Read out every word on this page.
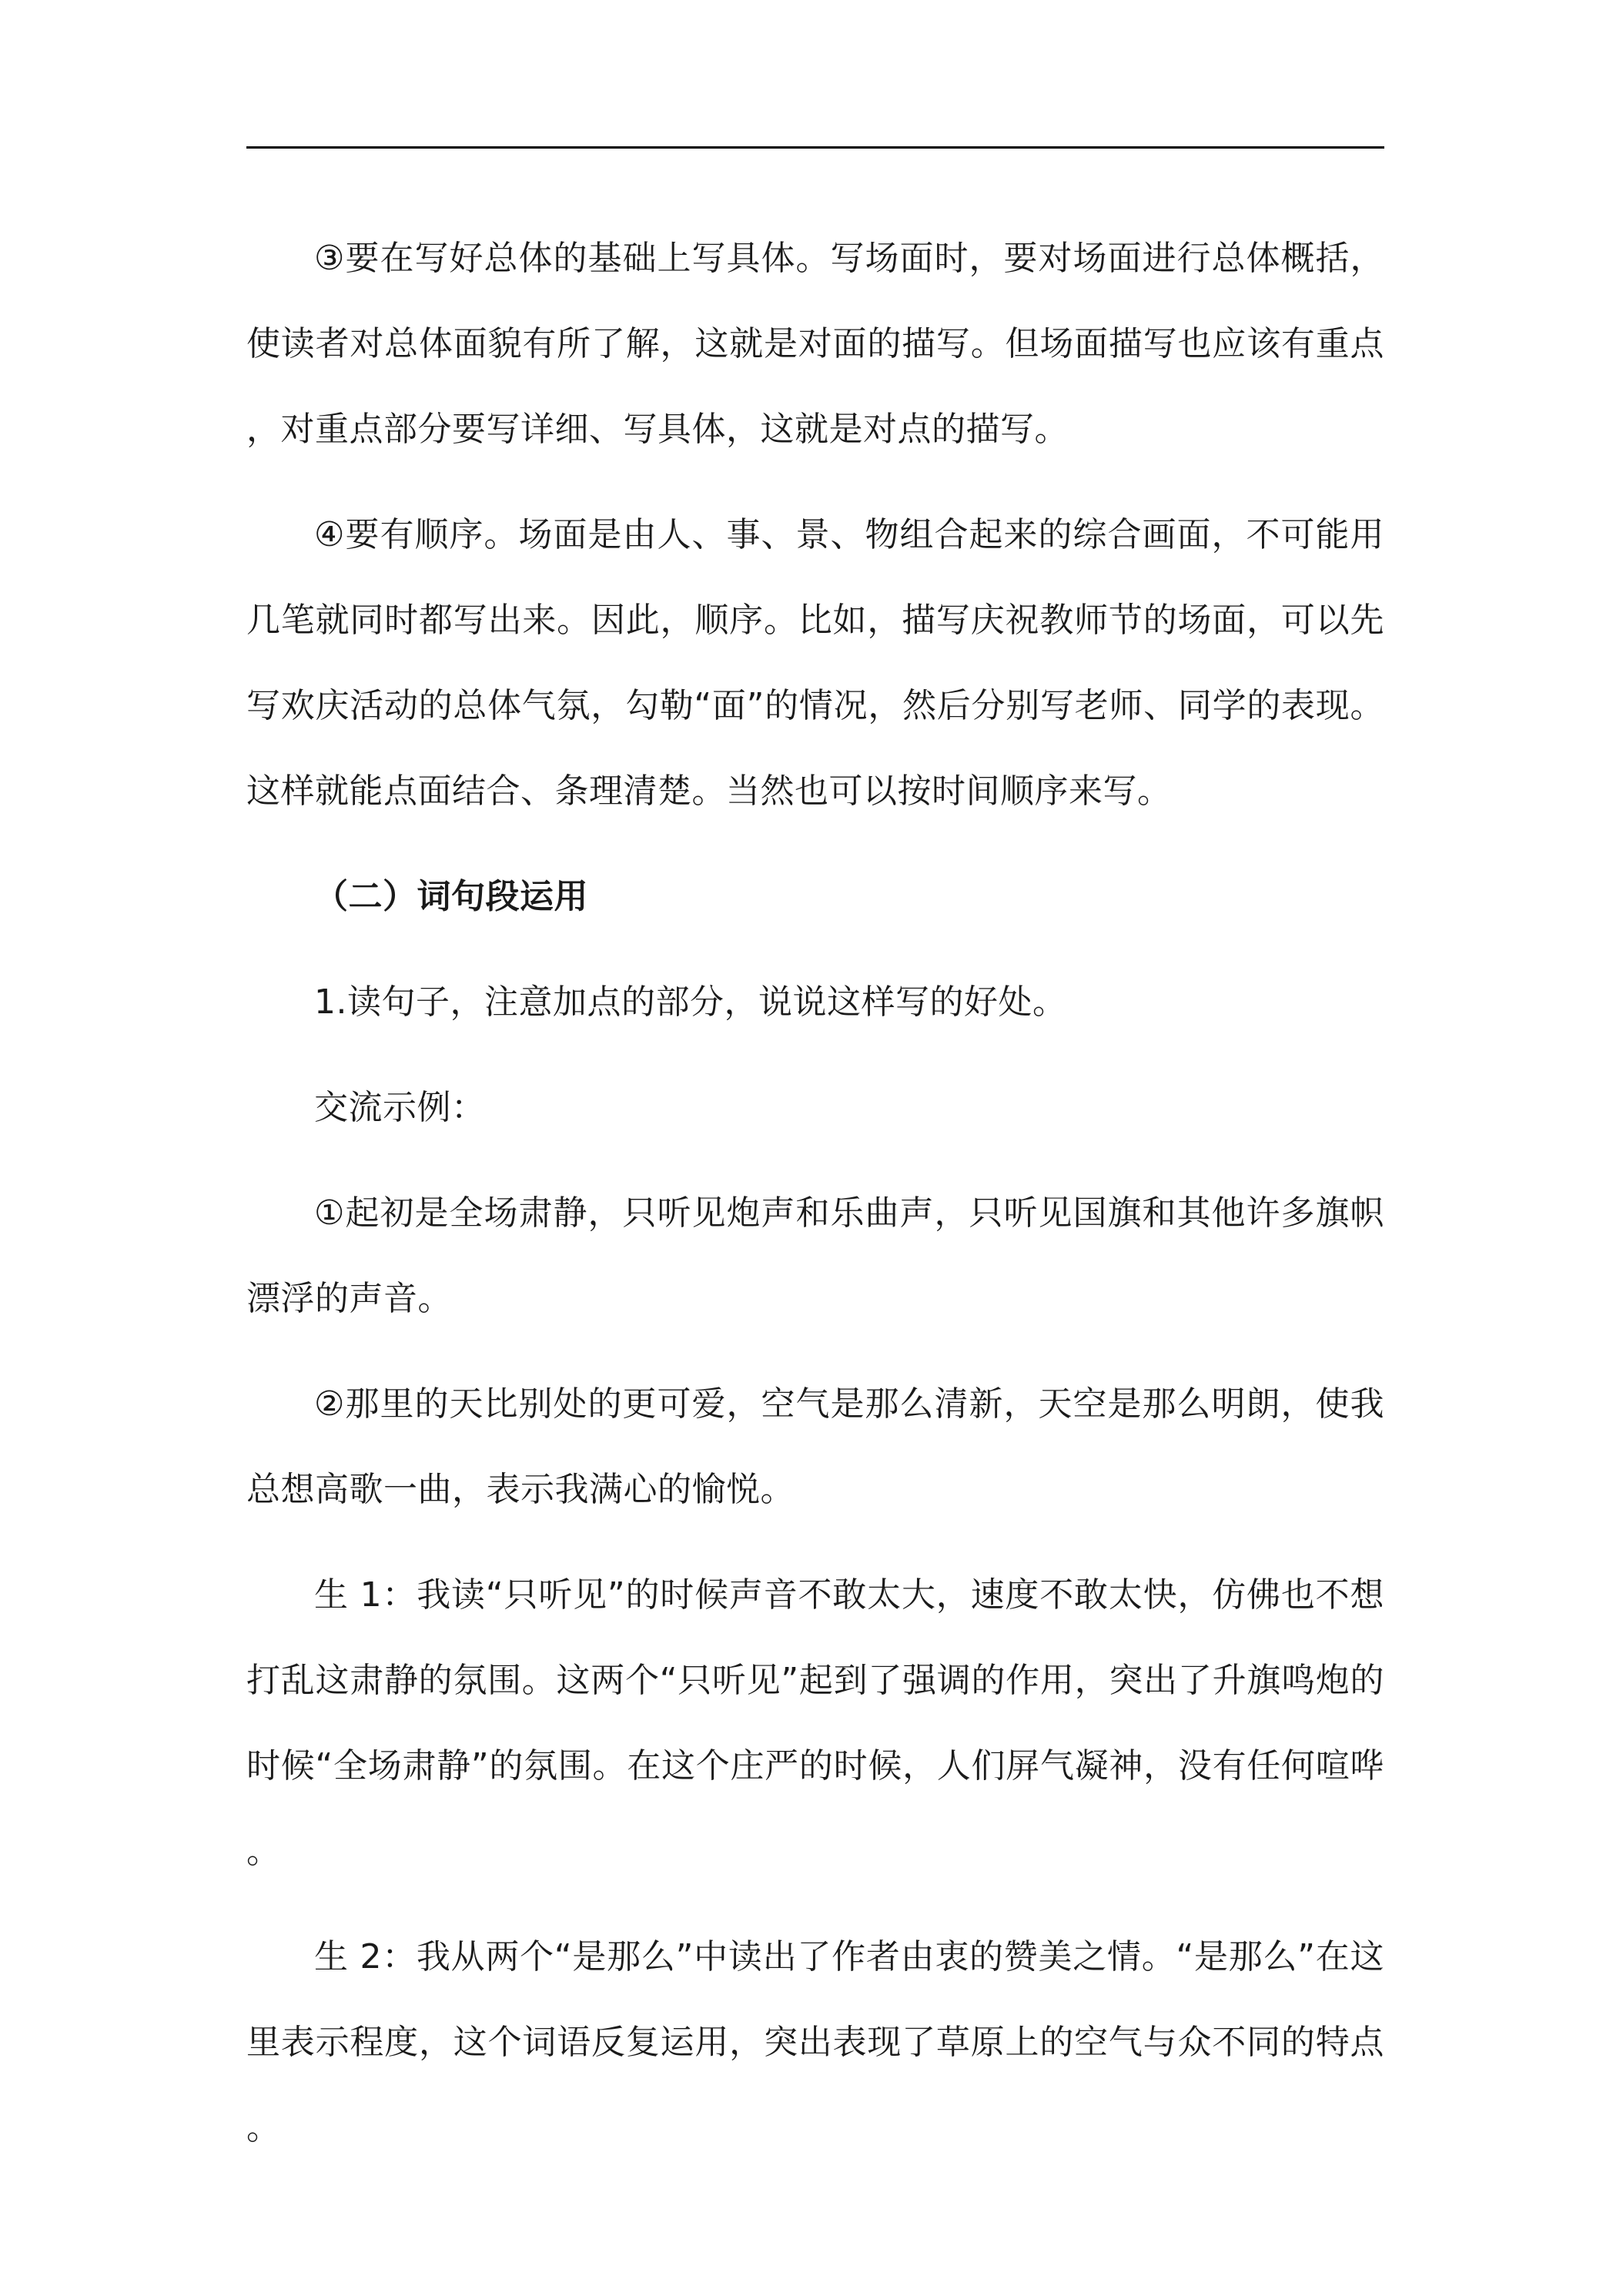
③要在写好总体的基础上写具体。写场面时，要对场面进行总体概括，使读者对总体面貌有所了解，这就是对面的描写。但场面描写也应该有重点，对重点部分要写详细、写具体，这就是对点的描写。

④要有顺序。场面是由人、事、景、物组合起来的综合画面，不可能用几笔就同时都写出来。因此，顺序。比如，描写庆祝教师节的场面，可以先写欢庆活动的总体气氛，勾勒“面”的情况，然后分别写老师、同学的表现。这样就能点面结合、条理清楚。当然也可以按时间顺序来写。

（二）词句段运用

1.读句子，注意加点的部分，说说这样写的好处。

交流示例：

①起初是全场肃静，只听见炮声和乐曲声，只听见国旗和其他许多旗帜漂浮的声音。

②那里的天比别处的更可爱，空气是那么清新，天空是那么明朗，使我总想高歌一曲，表示我满心的愉悦。

生 1：我读“只听见”的时候声音不敢太大，速度不敢太快，仿佛也不想打乱这肃静的氛围。这两个“只听见”起到了强调的作用，突出了升旗鸣炮的时候“全场肃静”的氛围。在这个庄严的时候，人们屏气凝神，没有任何喧哗。

生 2：我从两个“是那么”中读出了作者由衷的赞美之情。“是那么”在这里表示程度，这个词语反复运用，突出表现了草原上的空气与众不同的特点。
